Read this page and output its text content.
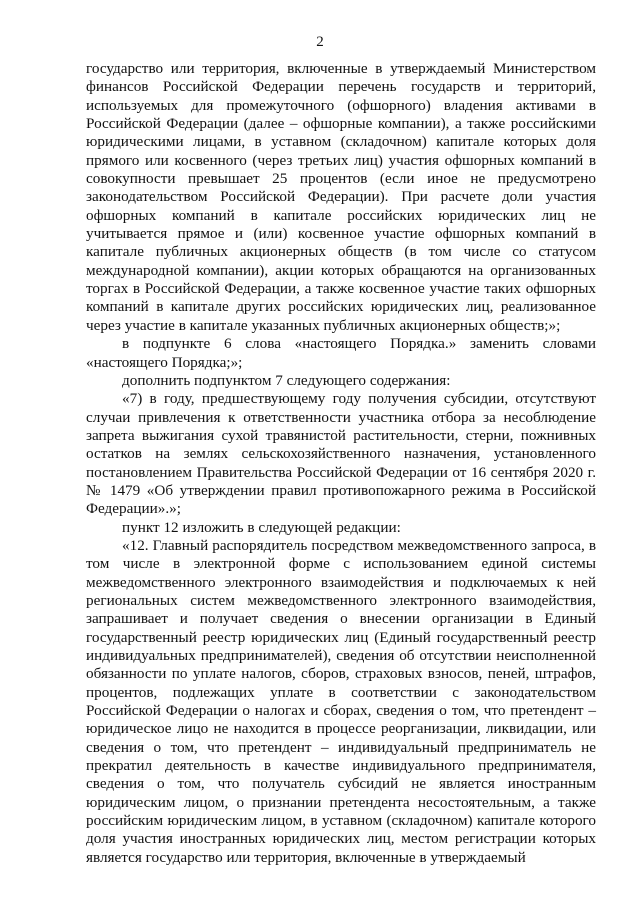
2

государство или территория, включенные в утверждаемый Министерством финансов Российской Федерации перечень государств и территорий, используемых для промежуточного (офшорного) владения активами в Российской Федерации (далее – офшорные компании), а также российскими юридическими лицами, в уставном (складочном) капитале которых доля прямого или косвенного (через третьих лиц) участия офшорных компаний в совокупности превышает 25 процентов (если иное не предусмотрено законодательством Российской Федерации). При расчете доли участия офшорных компаний в капитале российских юридических лиц не учитывается прямое и (или) косвенное участие офшорных компаний в капитале публичных акционерных обществ (в том числе со статусом международной компании), акции которых обращаются на организованных торгах в Российской Федерации, а также косвенное участие таких офшорных компаний в капитале других российских юридических лиц, реализованное через участие в капитале указанных публичных акционерных обществ;»;

в подпункте 6 слова «настоящего Порядка.» заменить словами «настоящего Порядка;»;

дополнить подпунктом 7 следующего содержания:

«7) в году, предшествующему году получения субсидии, отсутствуют случаи привлечения к ответственности участника отбора за несоблюдение запрета выжигания сухой травянистой растительности, стерни, пожнивных остатков на землях сельскохозяйственного назначения, установленного постановлением Правительства Российской Федерации от 16 сентября 2020 г. № 1479 «Об утверждении правил противопожарного режима в Российской Федерации».»;

пункт 12 изложить в следующей редакции:

«12. Главный распорядитель посредством межведомственного запроса, в том числе в электронной форме с использованием единой системы межведомственного электронного взаимодействия и подключаемых к ней региональных систем межведомственного электронного взаимодействия, запрашивает и получает сведения о внесении организации в Единый государственный реестр юридических лиц (Единый государственный реестр индивидуальных предпринимателей), сведения об отсутствии неисполненной обязанности по уплате налогов, сборов, страховых взносов, пеней, штрафов, процентов, подлежащих уплате в соответствии с законодательством Российской Федерации о налогах и сборах, сведения о том, что претендент – юридическое лицо не находится в процессе реорганизации, ликвидации, или сведения о том, что претендент – индивидуальный предприниматель не прекратил деятельность в качестве индивидуального предпринимателя, сведения о том, что получатель субсидий не является иностранным юридическим лицом, о признании претендента несостоятельным, а также российским юридическим лицом, в уставном (складочном) капитале которого доля участия иностранных юридических лиц, местом регистрации которых является государство или территория, включенные в утверждаемый
